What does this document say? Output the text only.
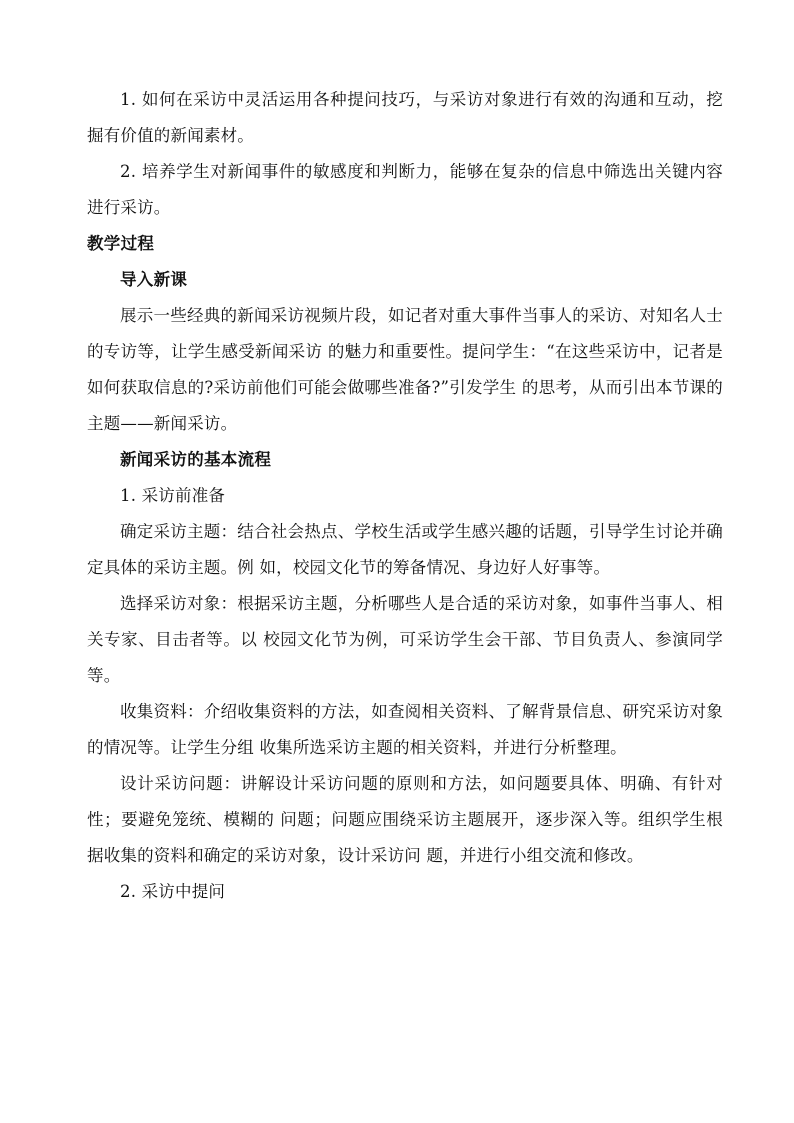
1. 如何在采访中灵活运用各种提问技巧，与采访对象进行有效的沟通和互动，挖掘有价值的新闻素材。

2. 培养学生对新闻事件的敏感度和判断力，能够在复杂的信息中筛选出关键内容进行采访。

教学过程
导入新课

展示一些经典的新闻采访视频片段，如记者对重大事件当事人的采访、对知名人士的专访等，让学生感受新闻采访 的魅力和重要性。提问学生：“在这些采访中，记者是如何获取信息的?采访前他们可能会做哪些准备?”引发学生 的思考，从而引出本节课的主题——新闻采访。

新闻采访的基本流程

1. 采访前准备

确定采访主题：结合社会热点、学校生活或学生感兴趣的话题，引导学生讨论并确定具体的采访主题。例 如，校园文化节的筹备情况、身边好人好事等。

选择采访对象：根据采访主题，分析哪些人是合适的采访对象，如事件当事人、相关专家、目击者等。以 校园文化节为例，可采访学生会干部、节目负责人、参演同学等。

收集资料：介绍收集资料的方法，如查阅相关资料、了解背景信息、研究采访对象的情况等。让学生分组 收集所选采访主题的相关资料，并进行分析整理。

设计采访问题：讲解设计采访问题的原则和方法，如问题要具体、明确、有针对性；要避免笼统、模糊的 问题；问题应围绕采访主题展开，逐步深入等。组织学生根据收集的资料和确定的采访对象，设计采访问 题，并进行小组交流和修改。

2. 采访中提问
